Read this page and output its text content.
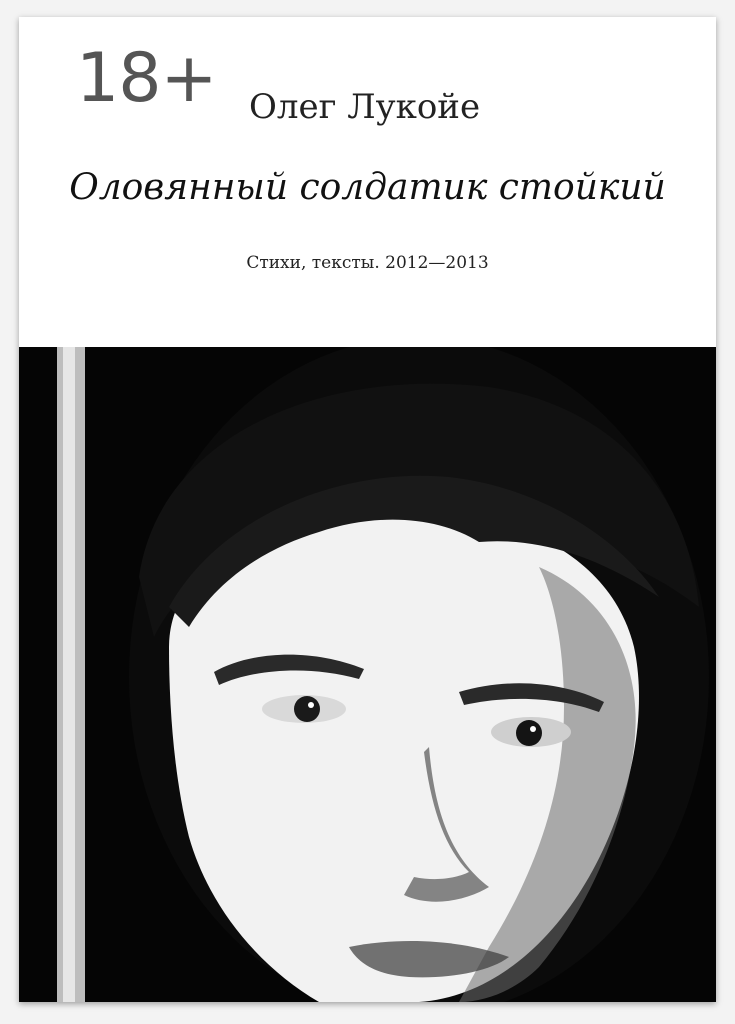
18+ Олег Лукойе
Оловянный солдатик стойкий
Стихи, тексты. 2012—2013
